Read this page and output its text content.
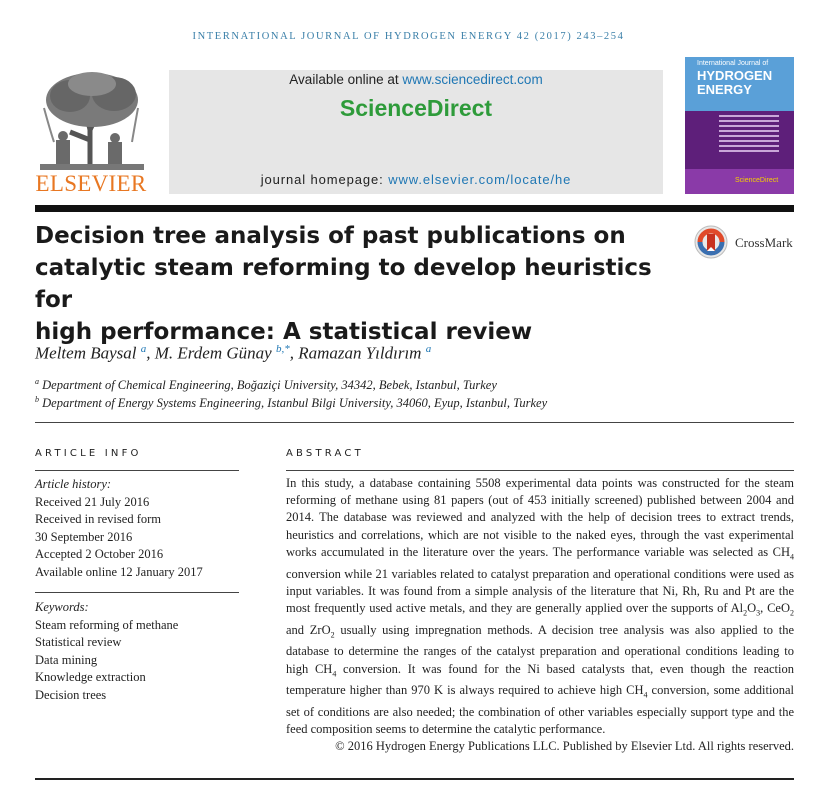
INTERNATIONAL JOURNAL OF HYDROGEN ENERGY 42 (2017) 243–254
ELSEVIER
Available online at www.sciencedirect.com
ScienceDirect
journal homepage: www.elsevier.com/locate/he
International Journal of
HYDROGEN
ENERGY
ScienceDirect
Decision tree analysis of past publications on
catalytic steam reforming to develop heuristics for
high performance: A statistical review
CrossMark
Meltem Baysal $^a$, M. Erdem Günay $^{b,*}$, Ramazan Yıldırım $^a$
$^a$ Department of Chemical Engineering, Boğaziçi University, 34342, Bebek, Istanbul, Turkey
$^b$ Department of Energy Systems Engineering, Istanbul Bilgi University, 34060, Eyup, Istanbul, Turkey
ARTICLE INFO
Article history:
Received 21 July 2016
Received in revised form
30 September 2016
Accepted 2 October 2016
Available online 12 January 2017
Keywords:
Steam reforming of methane
Statistical review
Data mining
Knowledge extraction
Decision trees
ABSTRACT

In this study, a database containing 5508 experimental data points was constructed for the steam reforming of methane using 81 papers (out of 453 initially screened) published between 2004 and 2014. The database was reviewed and analyzed with the help of decision trees to extract trends, heuristics and correlations, which are not visible to the naked eyes, through the vast experimental works accumulated in the literature over the years. The performance variable was selected as $CH_4$ conversion while 21 variables related to catalyst preparation and operational conditions were used as input variables. It was found from a simple analysis of the literature that Ni, Rh, Ru and Pt are the most frequently used active metals, and they are generally applied over the supports of $Al_2O_3$, CeO$_2$ and ZrO$_2$ usually using impregnation methods. A decision tree analysis was also applied to the database to determine the ranges of the catalyst preparation and operational conditions leading to high $CH_4$ conversion. It was found for the Ni based catalysts that, even though the reaction temperature higher than 970 K is always required to achieve high $CH_4$ conversion, some additional set of conditions are also needed; the combination of other variables especially support type and the feed composition seems to determine the catalytic performance.
© 2016 Hydrogen Energy Publications LLC. Published by Elsevier Ltd. All rights reserved.
